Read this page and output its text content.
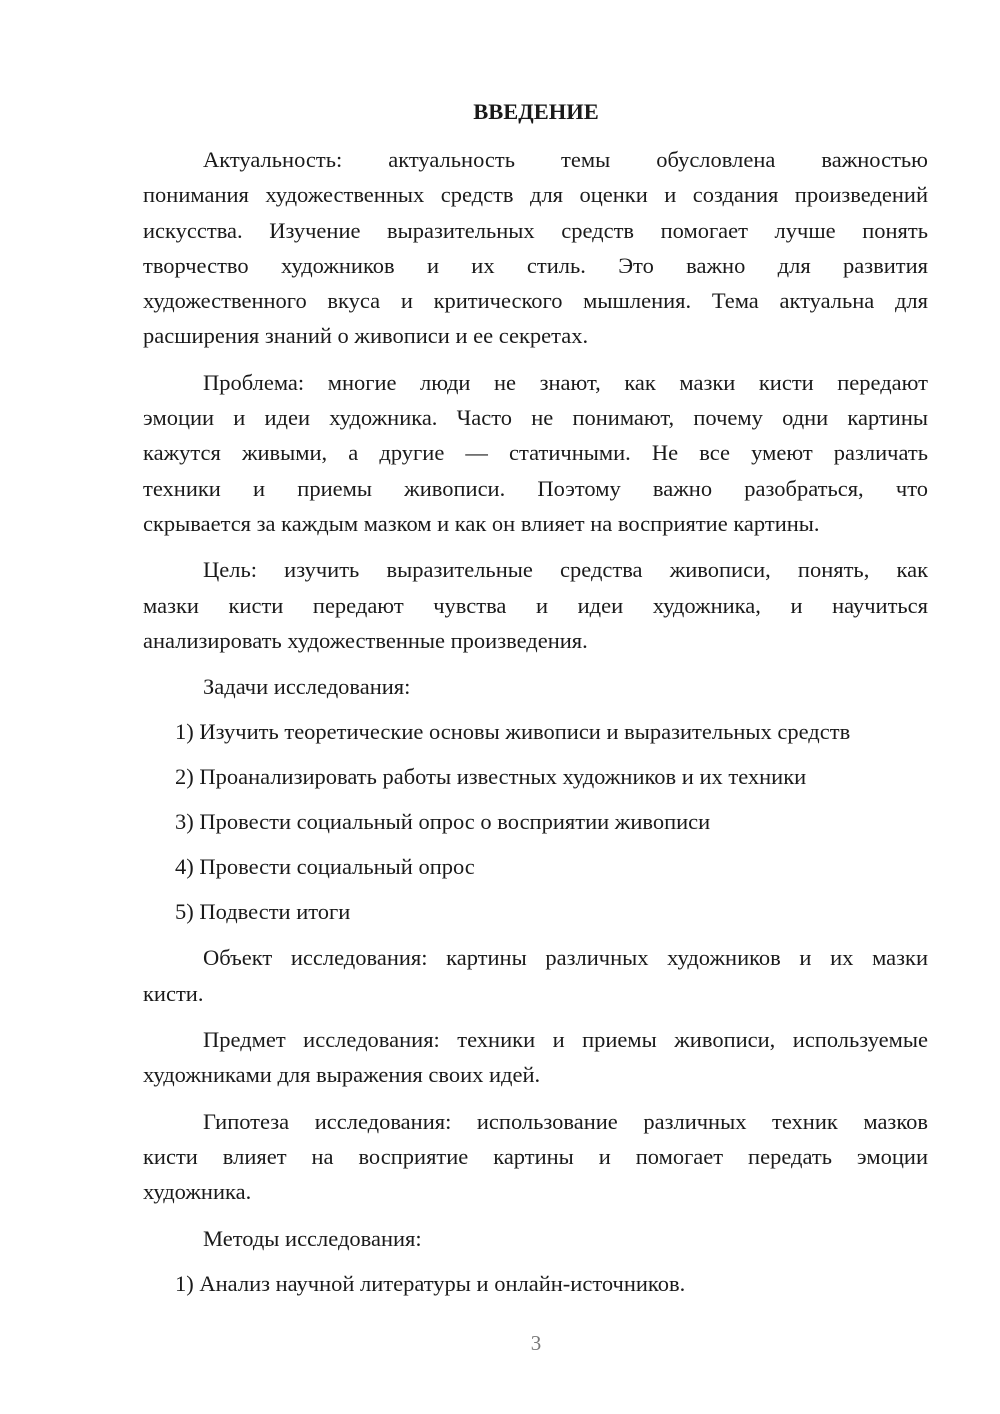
ВВЕДЕНИЕ
Актуальность: актуальность темы обусловлена важностью
понимания художественных средств для оценки и создания произведений
искусства. Изучение выразительных средств помогает лучше понять
творчество художников и их стиль. Это важно для развития
художественного вкуса и критического мышления. Тема актуальна для
расширения знаний о живописи и ее секретах.
Проблема: многие люди не знают, как мазки кисти передают
эмоции и идеи художника. Часто не понимают, почему одни картины
кажутся живыми, а другие — статичными. Не все умеют различать
техники и приемы живописи. Поэтому важно разобраться, что
скрывается за каждым мазком и как он влияет на восприятие картины.
Цель: изучить выразительные средства живописи, понять, как
мазки кисти передают чувства и идеи художника, и научиться
анализировать художественные произведения.
Задачи исследования:
1) Изучить теоретические основы живописи и выразительных средств
2) Проанализировать работы известных художников и их техники
3) Провести социальный опрос о восприятии живописи
4) Провести социальный опрос
5) Подвести итоги
Объект исследования: картины различных художников и их мазки
кисти.
Предмет исследования: техники и приемы живописи, используемые
художниками для выражения своих идей.
Гипотеза исследования: использование различных техник мазков
кисти влияет на восприятие картины и помогает передать эмоции
художника.
Методы исследования:
1) Анализ научной литературы и онлайн-источников.
3
